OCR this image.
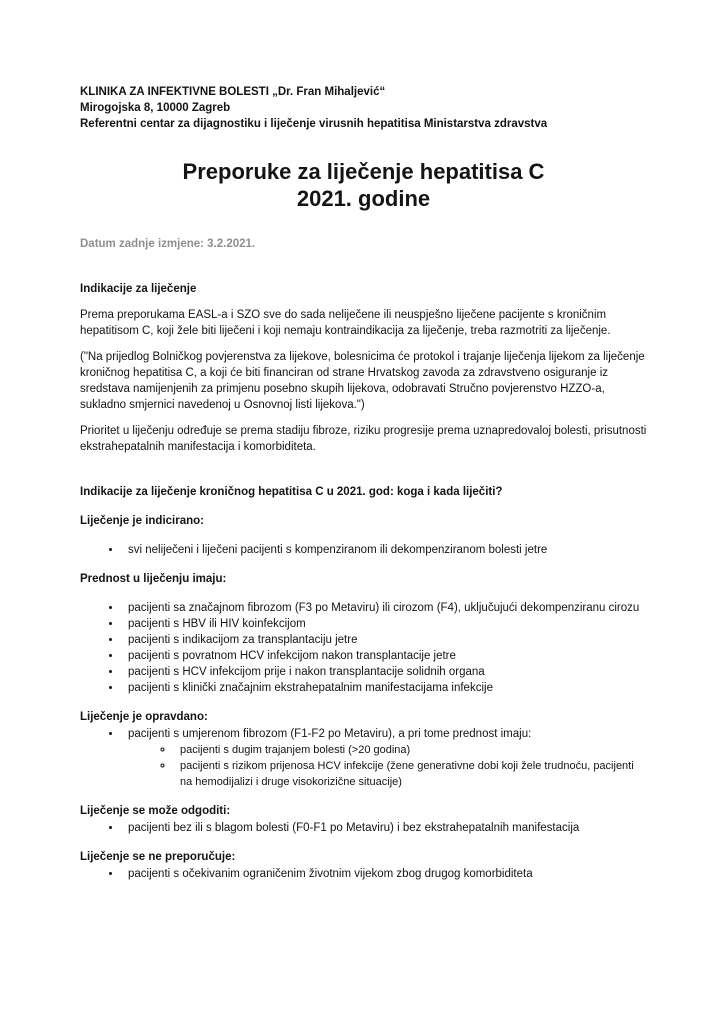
KLINIKA ZA INFEKTIVNE BOLESTI „Dr. Fran Mihaljević“
Mirogojska 8, 10000 Zagreb
Referentni centar za dijagnostiku i liječenje virusnih hepatitisa Ministarstva zdravstva
Preporuke za liječenje hepatitisa C
2021. godine
Datum zadnje izmjene: 3.2.2021.
Indikacije za liječenje

Prema preporukama EASL-a i SZO sve do sada neliječene ili neuspješno liječene pacijente s kroničnim hepatitisom C, koji žele biti liječeni i koji nemaju kontraindikacija za liječenje, treba razmotriti za liječenje.

("Na prijedlog Bolničkog povjerenstva za lijekove, bolesnicima će protokol i trajanje liječenja lijekom za liječenje kroničnog hepatitisa C, a koji će biti financiran od strane Hrvatskog zavoda za zdravstveno osiguranje iz sredstava namijenjenih za primjenu posebno skupih lijekova, odobravati Stručno povjerenstvo HZZO-a, sukladno smjernici navedenoj u Osnovnoj listi lijekova.")

Prioritet u liječenju određuje se prema stadiju fibroze, riziku progresije prema uznapredovaloj bolesti, prisutnosti ekstrahepatalnih manifestacija i komorbiditeta.

Indikacije za liječenje kroničnog hepatitisa C u 2021. god: koga i kada liječiti?
Liječenje je indicirano:
• svi neliječeni i liječeni pacijenti s kompenziranom ili dekompenziranom bolesti jetre
Prednost u liječenju imaju:
• pacijenti sa značajnom fibrozom (F3 po Metaviru) ili cirozom (F4), uključujući dekompenziranu cirozu
• pacijenti s HBV ili HIV koinfekcijom
• pacijenti s indikacijom za transplantaciju jetre
• pacijenti s povratnom HCV infekcijom nakon transplantacije jetre
• pacijenti s HCV infekcijom prije i nakon transplantacije solidnih organa
• pacijenti s klinički značajnim ekstrahepatalnim manifestacijama infekcije
Liječenje je opravdano:
• pacijenti s umjerenom fibrozom (F1-F2 po Metaviru), a pri tome prednost imaju:
◦ pacijenti s dugim trajanjem bolesti (>20 godina)
◦ pacijenti s rizikom prijenosa HCV infekcije (žene generativne dobi koji žele trudnoću, pacijenti na hemodijalizi i druge visokorizične situacije)
Liječenje se može odgoditi:
• pacijenti bez ili s blagom bolesti (F0-F1 po Metaviru) i bez ekstrahepatalnih manifestacija
Liječenje se ne preporučuje:
• pacijenti s očekivanim ograničenim životnim vijekom zbog drugog komorbiditeta
